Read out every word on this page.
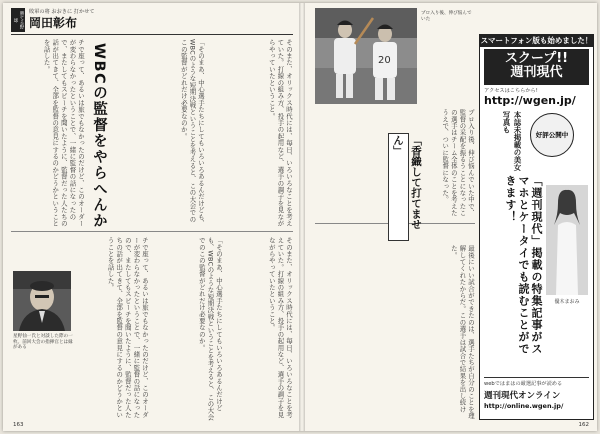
勝てる野球
敗軍の将 おおきに 打かせて
岡田彰布
WBCの監督をやらへんか
チで座って、あるいは旅でもなかったのだけど、このオーダーが変わらなかったということで、一緒に監督の話になったので、またしてもスピーチを聞いたように、監督だった人たちの話が出てきて、全部を監督の意見にするのかどうかということを話した。	「そのまあ、中心選手たちにしてもいろいろあるんだけども、WBCのような短期決戦ということを考えると、この大会でのこの監督がどれだけ必要なのか。	そのまた、オリックス時代には、毎日、いろいろなことを考えていた。打線の組み方、投手の起用など、選手の調子を見ながらやっていたということ。
星野仙一氏と対談した際の一枚。前回大会の指揮官とは縁がある	チで座って、あるいは旅でもなかったのだけど、このオーダーが変わらなかったということで、一緒に監督の話になったので、またしてもスピーチを聞いたように、監督だった人たちの話が出てきて、全部を監督の意見にするのかどうかということを話した。	「そのまあ、中心選手たちにしてもいろいろあるんだけども、WBCのような短期決戦ということを考えると、この大会でのこの監督がどれだけ必要なのか。	そのまた、オリックス時代には、毎日、いろいろなことを考えていた。打線の組み方、投手の起用など、選手の調子を見ながらやっていたということ。
163
20
プロ入り後、伸び悩んでいた
プロ入り後、伸び悩んでいた中で、監督の采配を振るうことになったこの選手はチーム全体のことを考えたうえで、ついに監督になった。
「香織して打てません」
最後にいい試合ができたのは、選手たちが自分のことを理解してくれたからだ。この選手は試合で結果を出し続けた。
スマートフォン版も始めました！
スクープ!!
週刊現代
アクセスはこちらから!
http://wgen.jp/
本誌未掲載の美女写真も
好評公開中
「週刊現代」掲載の特集記事がスマホとケータイでも読むことができます！
優木まおみ
webではまはの厳選記事が読める
週刊現代オンライン
http://online.wgen.jp/
162
